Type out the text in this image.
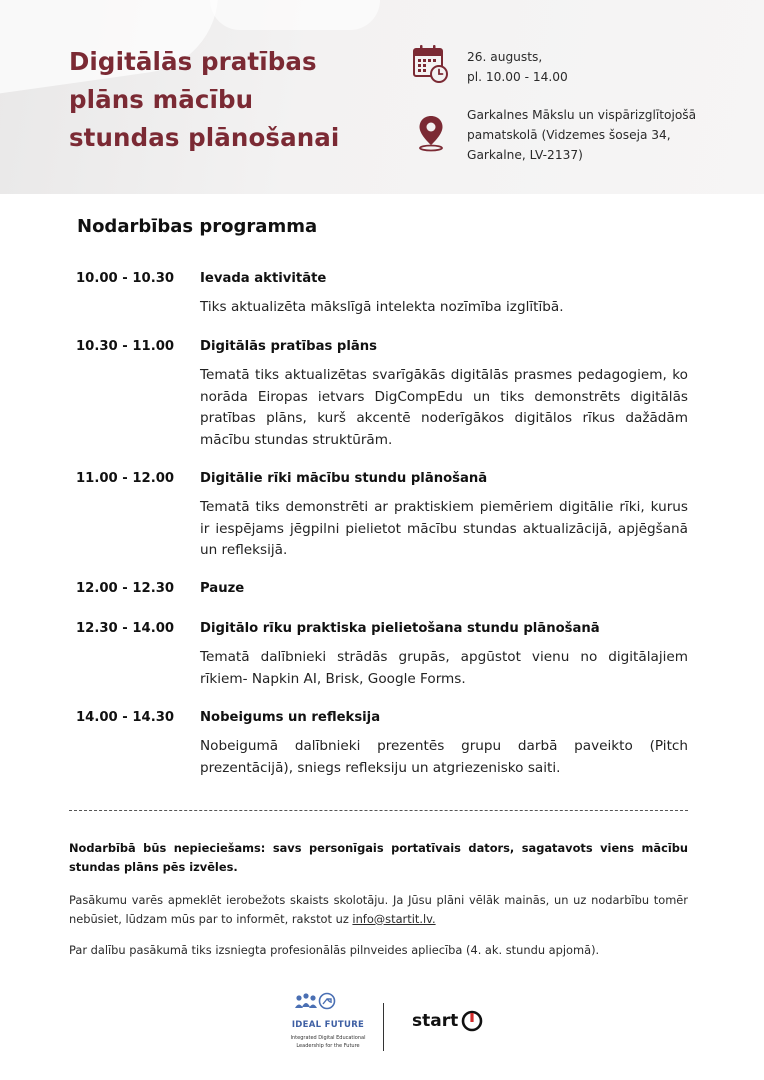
Digitālās pratības
plāns mācību
stundas plānošanai
26. augusts,
pl. 10.00 - 14.00
Garkalnes Mākslu un vispārizglītojošā
pamatskolā (Vidzemes šoseja 34,
Garkalne, LV-2137)
Nodarbības programma
10.00 - 10.30	Ievada aktivitāte
Tiks aktualizēta mākslīgā intelekta nozīmība izglītībā.
10.30 - 11.00	Digitālās pratības plāns
Tematā tiks aktualizētas svarīgākās digitālās prasmes pedagogiem, ko norāda Eiropas ietvars DigCompEdu un tiks demonstrēts digitālās pratības plāns, kurš akcentē noderīgākos digitālos rīkus dažādām mācību stundas struktūrām.
11.00 - 12.00	Digitālie rīki mācību stundu plānošanā
Tematā tiks demonstrēti ar praktiskiem piemēriem digitālie rīki, kurus ir iespējams jēgpilni pielietot mācību stundas aktualizācijā, apjēgšanā un refleksijā.
12.00 - 12.30	Pauze
12.30 - 14.00	Digitālo rīku praktiska pielietošana stundu plānošanā
Tematā dalībnieki strādās grupās, apgūstot vienu no digitālajiem rīkiem- Napkin AI, Brisk, Google Forms.
14.00 - 14.30	Nobeigums un refleksija
Nobeigumā dalībnieki prezentēs grupu darbā paveikto (Pitch prezentācijā), sniegs refleksiju un atgriezenisko saiti.
Nodarbībā būs nepieciešams: savs personīgais portatīvais dators, sagatavots viens mācību stundas plāns pēs izvēles.
Pasākumu varēs apmeklēt ierobežots skaists skolotāju. Ja Jūsu plāni vēlāk mainās, un uz nodarbību tomēr nebūsiet, lūdzam mūs par to informēt, rakstot uz info@startit.lv.
Par dalību pasākumā tiks izsniegta profesionālās pilnveides apliecība (4. ak. stundu apjomā).
IDEAL FUTURE
Integrated Digital Educational
Leadership for the Future
start
